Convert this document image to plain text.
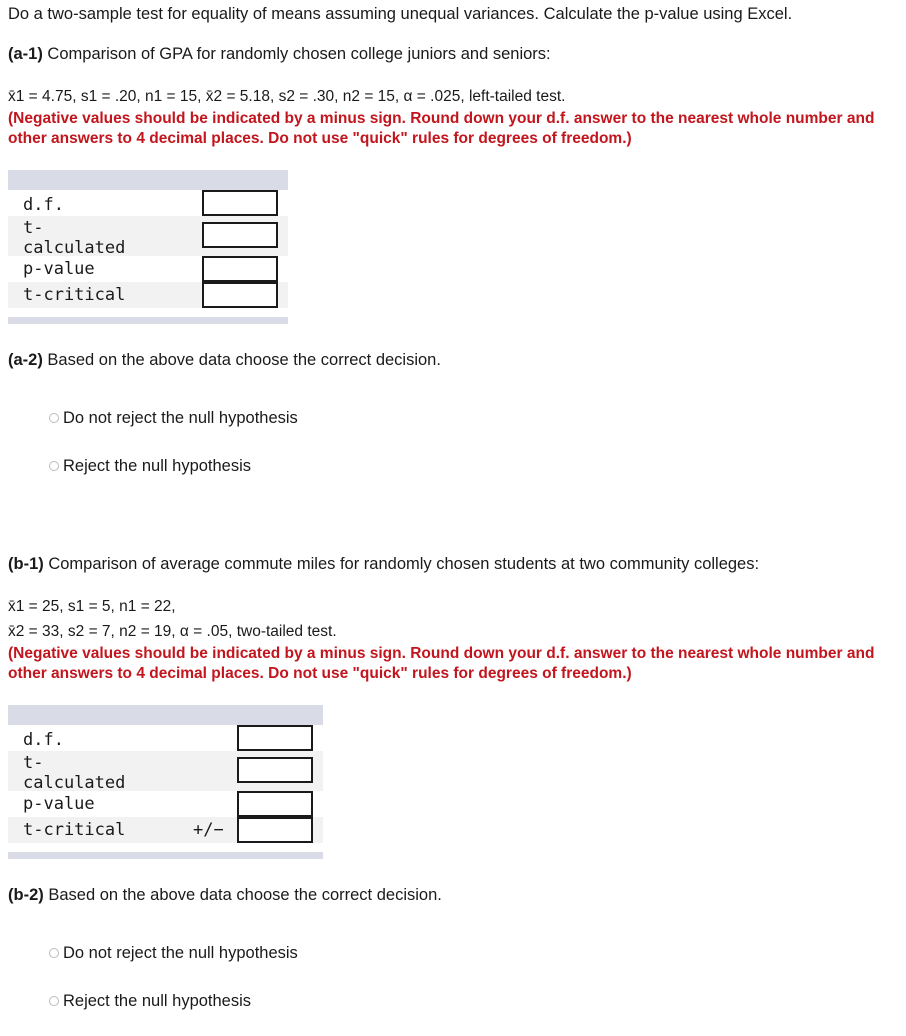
Do a two-sample test for equality of means assuming unequal variances. Calculate the p-value using Excel.
(a-1) Comparison of GPA for randomly chosen college juniors and seniors:
x̄1 = 4.75, s1 = .20, n1 = 15, x̄2 = 5.18, s2 = .30, n2 = 15, α = .025, left-tailed test.
(Negative values should be indicated by a minus sign. Round down your d.f. answer to the nearest whole number and other answers to 4 decimal places. Do not use "quick" rules for degrees of freedom.)
d.f.
t-
calculated
p-value
t-critical
(a-2) Based on the above data choose the correct decision.
Do not reject the null hypothesis
Reject the null hypothesis
(b-1) Comparison of average commute miles for randomly chosen students at two community colleges:
x̄1 = 25, s1 = 5, n1 = 22,
x̄2 = 33, s2 = 7, n2 = 19, α = .05, two-tailed test.
(Negative values should be indicated by a minus sign. Round down your d.f. answer to the nearest whole number and other answers to 4 decimal places. Do not use "quick" rules for degrees of freedom.)
d.f.
t-
calculated
p-value
t-critical	+/−
(b-2) Based on the above data choose the correct decision.
Do not reject the null hypothesis
Reject the null hypothesis
